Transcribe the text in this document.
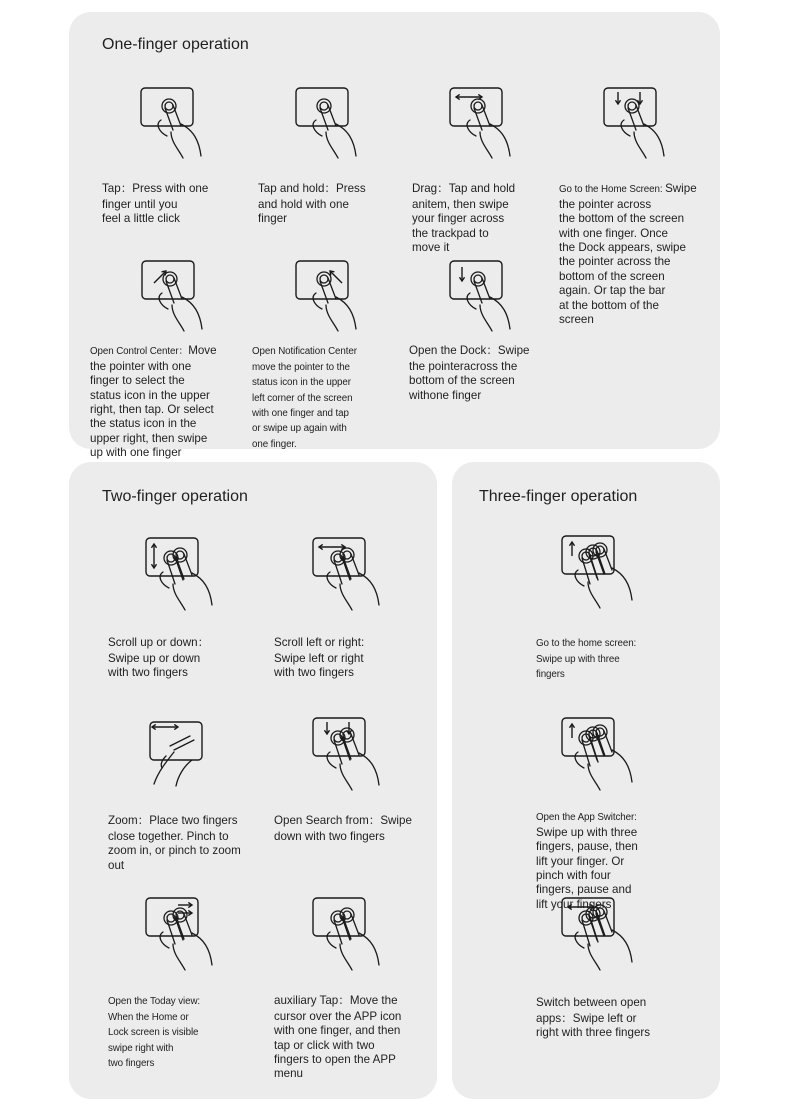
One-finger operation

Tap：Press with one
finger until you
feel a little click

Tap and hold：Press
and hold with one
finger

Drag：Tap and hold
anitem, then swipe
your finger across
the trackpad to
move it

Go to the Home Screen: Swipe
the pointer across
the bottom of the screen
with one finger. Once
the Dock appears, swipe
the pointer across the
bottom of the screen
again. Or tap the bar
at the bottom of the
screen

Open Control Center：Move
the pointer with one
finger to select the
status icon in the upper
right, then tap. Or select
the status icon in the
upper right, then swipe
up with one finger

Open Notification Center
move the pointer to the
status icon in the upper
left corner of the screen
with one finger and tap
or swipe up again with
one finger.

Open the Dock：Swipe
the pointeracross the
bottom of the screen
withone finger

Two-finger operation

Scroll up or down：
Swipe up or down
with two fingers

Scroll left or right:
Swipe left or right
with two fingers

Zoom：Place two fingers
close together. Pinch to
zoom in, or pinch to zoom
out

Open Search from：Swipe
down with two fingers

Open the Today view:
When the Home or
Lock screen is visible
swipe right with
two fingers

auxiliary Tap：Move the
cursor over the APP icon
with one finger, and then
tap or click with two
fingers to open the APP
menu

Three-finger operation

Go to the home screen:
Swipe up with three
fingers

Open the App Switcher:
Swipe up with three
fingers, pause, then
lift your finger. Or
pinch with four
fingers, pause and
lift your fingers

Switch between open
apps：Swipe left or
right with three fingers
